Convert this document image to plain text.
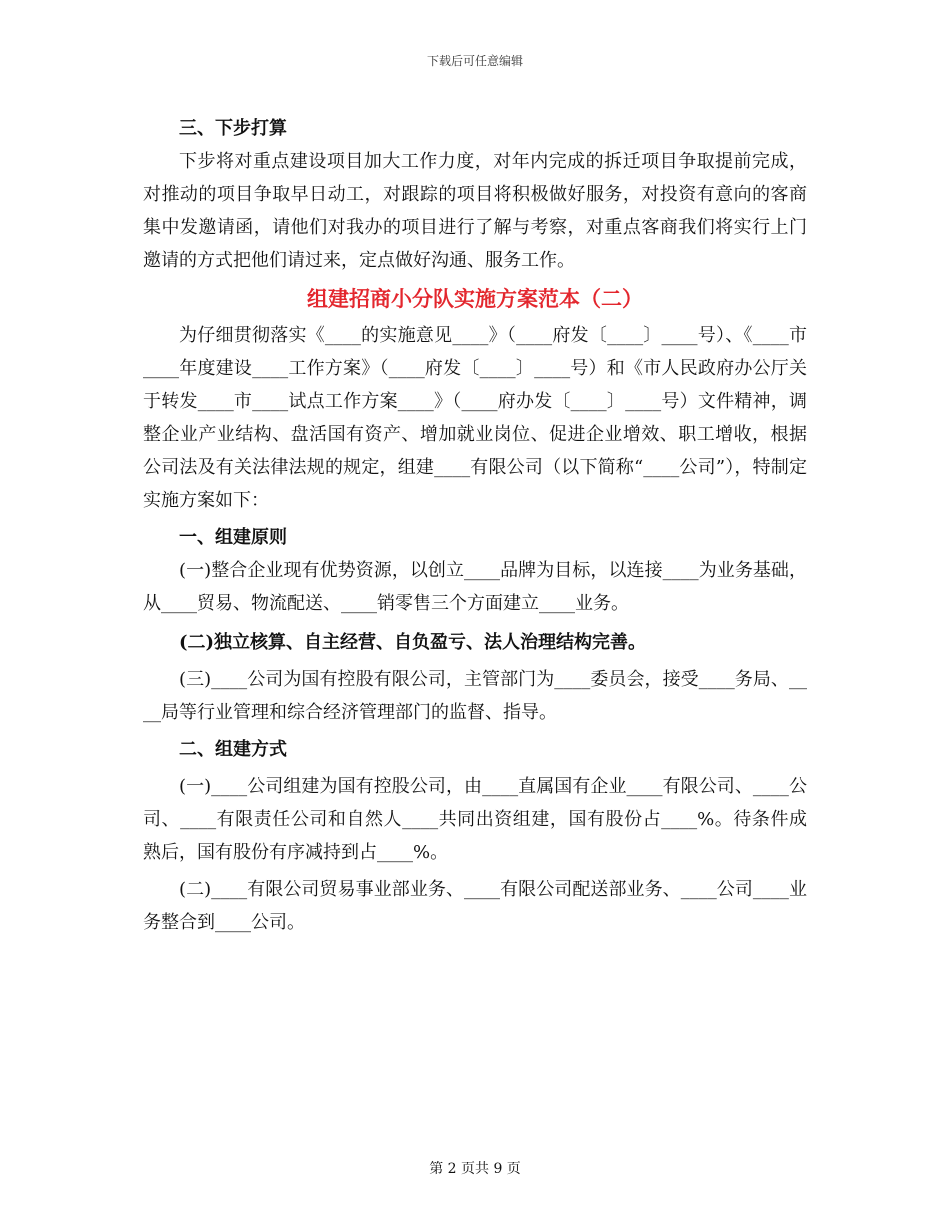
下载后可任意编辑

三、下步打算

下步将对重点建设项目加大工作力度，对年内完成的拆迁项目争取提前完成，对推动的项目争取早日动工，对跟踪的项目将积极做好服务，对投资有意向的客商集中发邀请函，请他们对我办的项目进行了解与考察，对重点客商我们将实行上门邀请的方式把他们请过来，定点做好沟通、服务工作。

组建招商小分队实施方案范本（二）

为仔细贯彻落实《____的实施意见____》（____府发〔____〕____号）、《____市____年度建设____工作方案》（____府发〔____〕____号）和《市人民政府办公厅关于转发____市____试点工作方案____》（____府办发〔____〕____号）文件精神，调整企业产业结构、盘活国有资产、增加就业岗位、促进企业增效、职工增收，根据公司法及有关法律法规的规定，组建____有限公司（以下简称“____公司”），特制定实施方案如下：

一、组建原则

(一)整合企业现有优势资源，以创立____品牌为目标，以连接____为业务基础，从____贸易、物流配送、____销零售三个方面建立____业务。

(二)独立核算、自主经营、自负盈亏、法人治理结构完善。

(三)____公司为国有控股有限公司，主管部门为____委员会，接受____务局、____局等行业管理和综合经济管理部门的监督、指导。

二、组建方式

(一)____公司组建为国有控股公司，由____直属国有企业____有限公司、____公司、____有限责任公司和自然人____共同出资组建，国有股份占____%。待条件成熟后，国有股份有序减持到占____%。

(二)____有限公司贸易事业部业务、____有限公司配送部业务、____公司____业务整合到____公司。

第 2 页共 9 页
